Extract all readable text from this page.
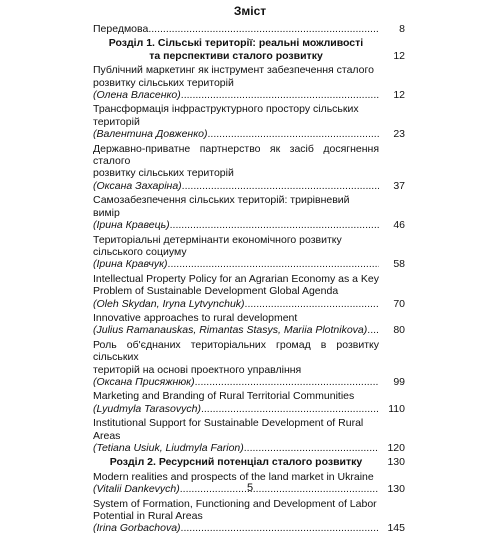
Зміст
Передмова .....	8
Розділ 1. Сільські території: реальні можливості
та перспективи сталого розвитку	12
Публічний маркетинг як інструмент забезпечення сталого
розвитку сільських територій
(Олена Власенко) .....	12
Трансформація інфраструктурного простору сільських
територій
(Валентина Довженко) .....	23
Державно-приватне партнерство як засіб досягнення сталого
розвитку сільських територій
(Оксана Захаріна) .....	37
Самозабезпечення сільських територій: трирівневий вимір
(Ірина Кравець) .....	46
Територіальні детермінанти економічного розвитку
сільського социуму
(Ірина Кравчук) .....	58
Intellectual Property Policy for an Agrarian Economy as a Key
Problem of Sustainable Development Global Agenda
(Oleh Skydan, Iryna Lytvynchuk) .....	70
Innovative approaches to rural development
(Julius Ramanauskas, Rimantas Stasys, Mariia Plotnikova) .....	80
Роль об'єднаних територіальних громад в розвитку сільських
територій на основі проектного управління
(Оксана Присяжнюк) .....	99
Marketing and Branding of Rural Territorial Communities
(Lyudmyla Tarasovych) .....	110
Institutional Support for Sustainable Development of Rural Areas
(Tetiana Usiuk, Liudmyla Farion) .....	120
Розділ 2. Ресурсний потенціал сталого розвитку	130
Modern realities and prospects of the land market in Ukraine
(Vitalii Dankevych) .....	130
System of Formation, Functioning and Development of Labor
Potential in Rural Areas
(Irina Gorbachova) .....	145
5
